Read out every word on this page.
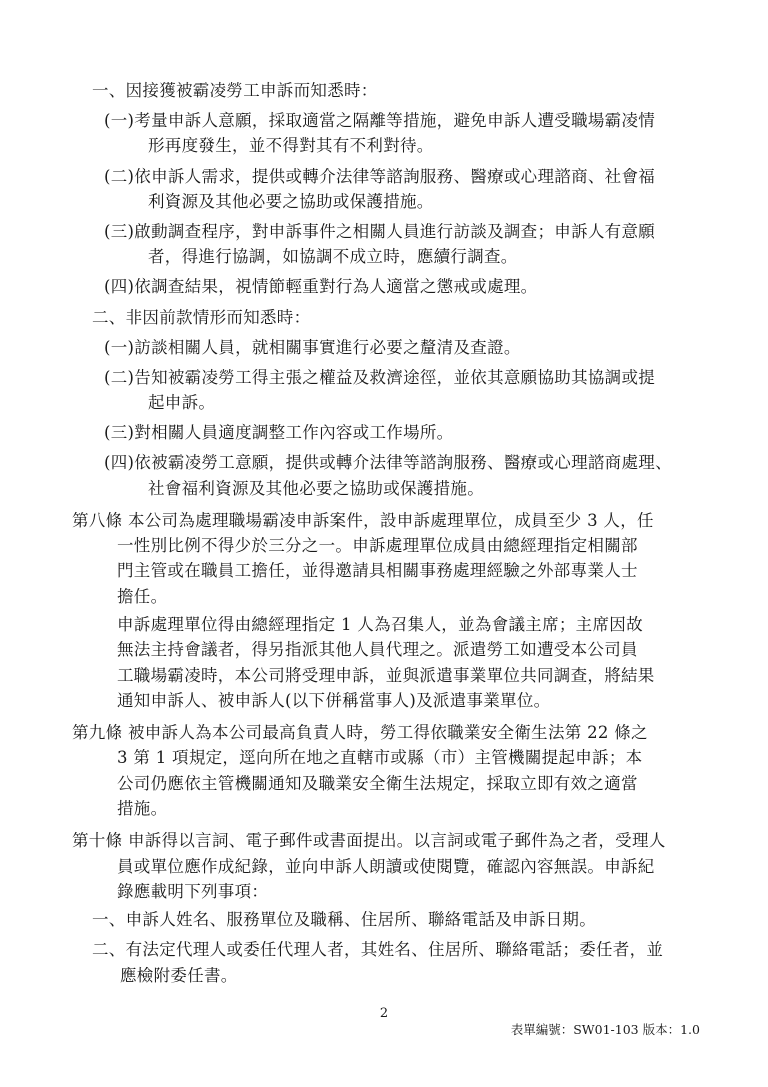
一、因接獲被霸凌勞工申訴而知悉時：
(一)考量申訴人意願，採取適當之隔離等措施，避免申訴人遭受職場霸凌情
形再度發生，並不得對其有不利對待。
(二)依申訴人需求，提供或轉介法律等諮詢服務、醫療或心理諮商、社會福
利資源及其他必要之協助或保護措施。
(三)啟動調查程序，對申訴事件之相關人員進行訪談及調查；申訴人有意願
者，得進行協調，如協調不成立時，應續行調查。
(四)依調查結果，視情節輕重對行為人適當之懲戒或處理。
二、非因前款情形而知悉時：
(一)訪談相關人員，就相關事實進行必要之釐清及查證。
(二)告知被霸凌勞工得主張之權益及救濟途徑，並依其意願協助其協調或提
起申訴。
(三)對相關人員適度調整工作內容或工作場所。
(四)依被霸凌勞工意願，提供或轉介法律等諮詢服務、醫療或心理諮商處理、
社會福利資源及其他必要之協助或保護措施。
第八條 本公司為處理職場霸凌申訴案件，設申訴處理單位，成員至少 3 人，任
一性別比例不得少於三分之一。申訴處理單位成員由總經理指定相關部
門主管或在職員工擔任，並得邀請具相關事務處理經驗之外部專業人士
擔任。
申訴處理單位得由總經理指定 1 人為召集人，並為會議主席；主席因故
無法主持會議者，得另指派其他人員代理之。派遣勞工如遭受本公司員
工職場霸凌時，本公司將受理申訴，並與派遣事業單位共同調查，將結果
通知申訴人、被申訴人(以下併稱當事人)及派遣事業單位。
第九條 被申訴人為本公司最高負責人時，勞工得依職業安全衛生法第 22 條之
3 第 1 項規定，逕向所在地之直轄市或縣（市）主管機關提起申訴；本
公司仍應依主管機關通知及職業安全衛生法規定，採取立即有效之適當
措施。
第十條 申訴得以言詞、電子郵件或書面提出。以言詞或電子郵件為之者，受理人
員或單位應作成紀錄，並向申訴人朗讀或使閱覽，確認內容無誤。申訴紀
錄應載明下列事項：
一、申訴人姓名、服務單位及職稱、住居所、聯絡電話及申訴日期。
二、有法定代理人或委任代理人者，其姓名、住居所、聯絡電話；委任者，並
應檢附委任書。
2
表單編號：SW01-103 版本：1.0
